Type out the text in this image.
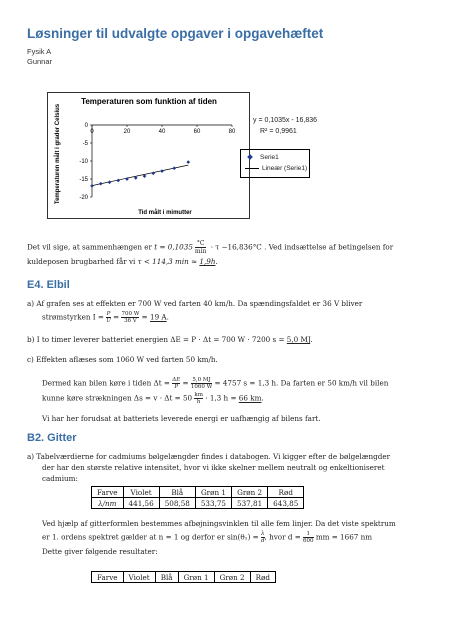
Løsninger til udvalgte opgaver i opgavehæftet
Fysik A
Gunnar
Temperaturen som funktion af tiden
Temperaturen målt i grader Celsius
Tid målt i mimutter
0
-5
-10
-15
-20
0	20	40	60	80
y = 0,1035x - 16,836
R² = 0,9961
Serie1
Lineær (Serie1)
Det vil sige, at sammenhængen er t = 0,1035 °C
min · τ −16,836°C . Ved indsættelse af betingelsen for
kuldeposen brugbarhed får vi τ < 114,3 min ≈ 1,9h.
E4. Elbil
a) Af grafen ses at effekten er 700 W ved farten 40 km/h. Da spændingsfaldet er 36 V bliver
strømstyrken $I = \frac{P}{U} = \frac{700 W}{36 V} = 19$ A.
b) I to timer leverer batteriet energien ΔE = P · Δt = 700 W · 7200 s = 5,0 MJ.
c) Effekten aflæses som 1060 W ved farten 50 km/h.
Dermed kan bilen køre i tiden $\Delta t = \frac{\Delta E}{P} = \frac{5,0 MJ}{1060 W} = 4757$ s = 1,3 h. Da farten er 50 km/h vil bilen
kunne køre strækningen $\Delta s = v \cdot \Delta t = 50 \frac{km}{h} \cdot 1,3$ h = 66 km.
Vi har her forudsat at batteriets leverede energi er uafhængig af bilens fart.
B2. Gitter
a) Tabelværdierne for cadmiums bølgelængder findes i databogen. Vi kigger efter de bølgelængder
der har den største relative intensitet, hvor vi ikke skelner mellem neutralt og enkeltioniseret
cadmium:
Farve	Violet	Blå	Grøn 1	Grøn 2	Rød
λ/nm	441,56	508,58	533,75	537,81	643,85
Ved hjælp af gitterformlen bestemmes afbøjningsvinklen til alle fem linjer. Da det viste spektrum
er 1. ordens spektret gælder at n = 1 og derfor er $\sin(\theta_1) = \frac{\lambda}{d}$ , hvor $d = \frac{1}{600}$ mm = 1667 nm
Dette giver følgende resultater:
Farve	Violet	Blå	Grøn 1	Grøn 2	Rød
